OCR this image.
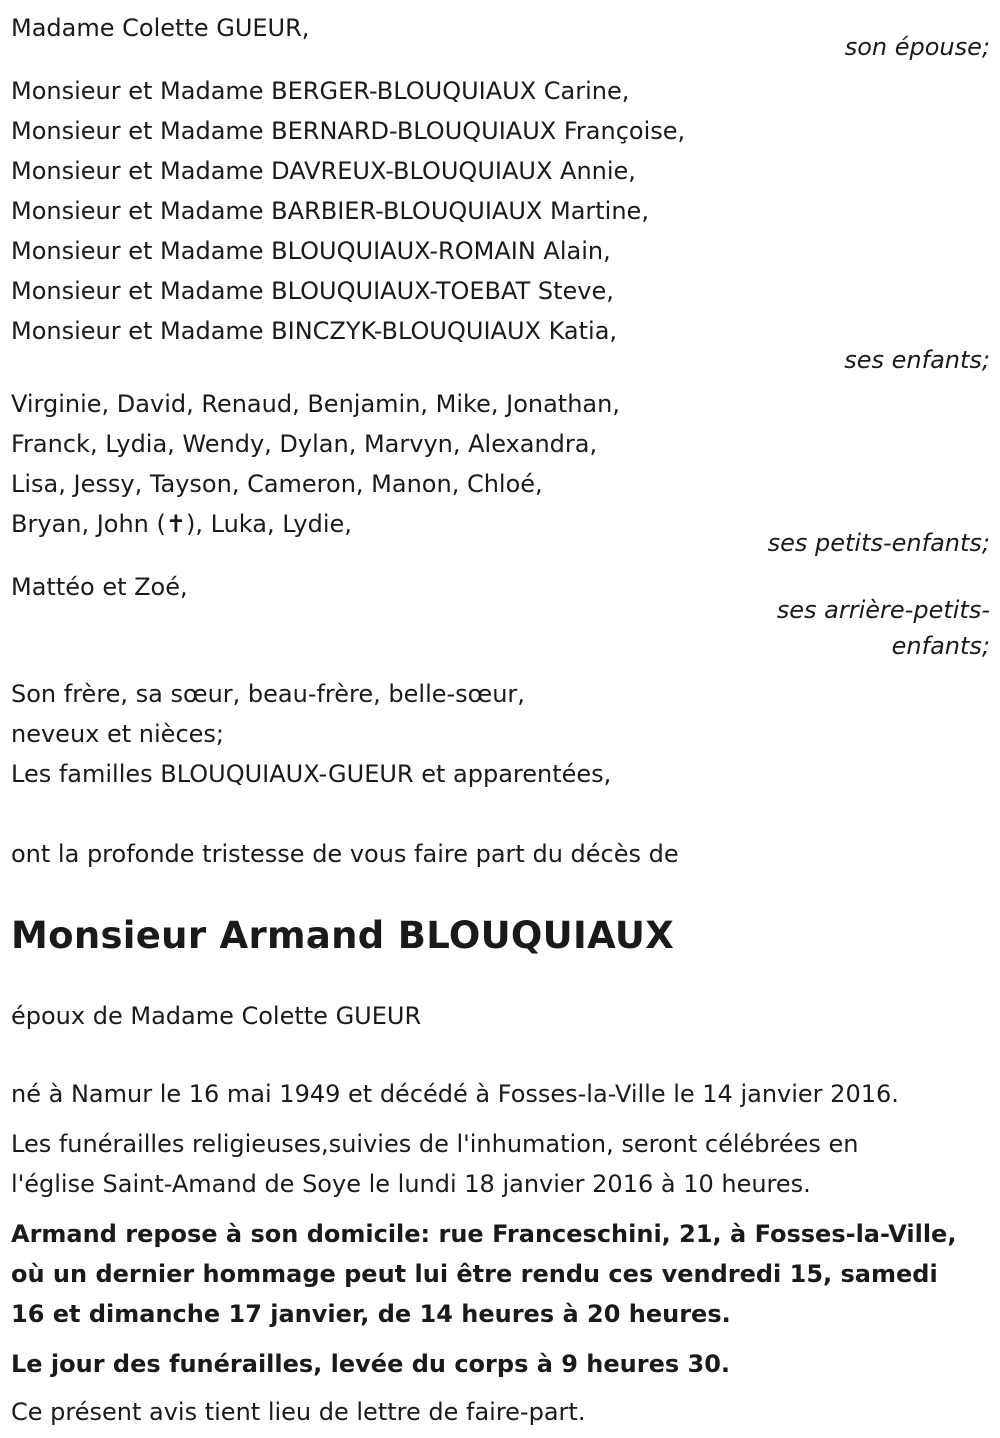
Madame Colette GUEUR,
son épouse;
Monsieur et Madame BERGER-BLOUQUIAUX Carine,
Monsieur et Madame BERNARD-BLOUQUIAUX Françoise,
Monsieur et Madame DAVREUX-BLOUQUIAUX Annie,
Monsieur et Madame BARBIER-BLOUQUIAUX Martine,
Monsieur et Madame BLOUQUIAUX-ROMAIN Alain,
Monsieur et Madame BLOUQUIAUX-TOEBAT Steve,
Monsieur et Madame BINCZYK-BLOUQUIAUX Katia,
ses enfants;
Virginie, David, Renaud, Benjamin, Mike, Jonathan,
Franck, Lydia, Wendy, Dylan, Marvyn, Alexandra,
Lisa, Jessy, Tayson, Cameron, Manon, Chloé,
Bryan, John (✝), Luka, Lydie,
ses petits-enfants;
Mattéo et Zoé,
ses arrière-petits-
enfants;
Son frère, sa sœur, beau-frère, belle-sœur,
neveux et nièces;
Les familles BLOUQUIAUX-GUEUR et apparentées,
ont la profonde tristesse de vous faire part du décès de
Monsieur Armand BLOUQUIAUX
époux de Madame Colette GUEUR
né à Namur le 16 mai 1949 et décédé à Fosses-la-Ville le 14 janvier 2016.
Les funérailles religieuses,suivies de l'inhumation, seront célébrées en
l'église Saint-Amand de Soye le lundi 18 janvier 2016 à 10 heures.
Armand repose à son domicile: rue Franceschini, 21, à Fosses-la-Ville,
où un dernier hommage peut lui être rendu ces vendredi 15, samedi
16 et dimanche 17 janvier, de 14 heures à 20 heures.
Le jour des funérailles, levée du corps à 9 heures 30.
Ce présent avis tient lieu de lettre de faire-part.
